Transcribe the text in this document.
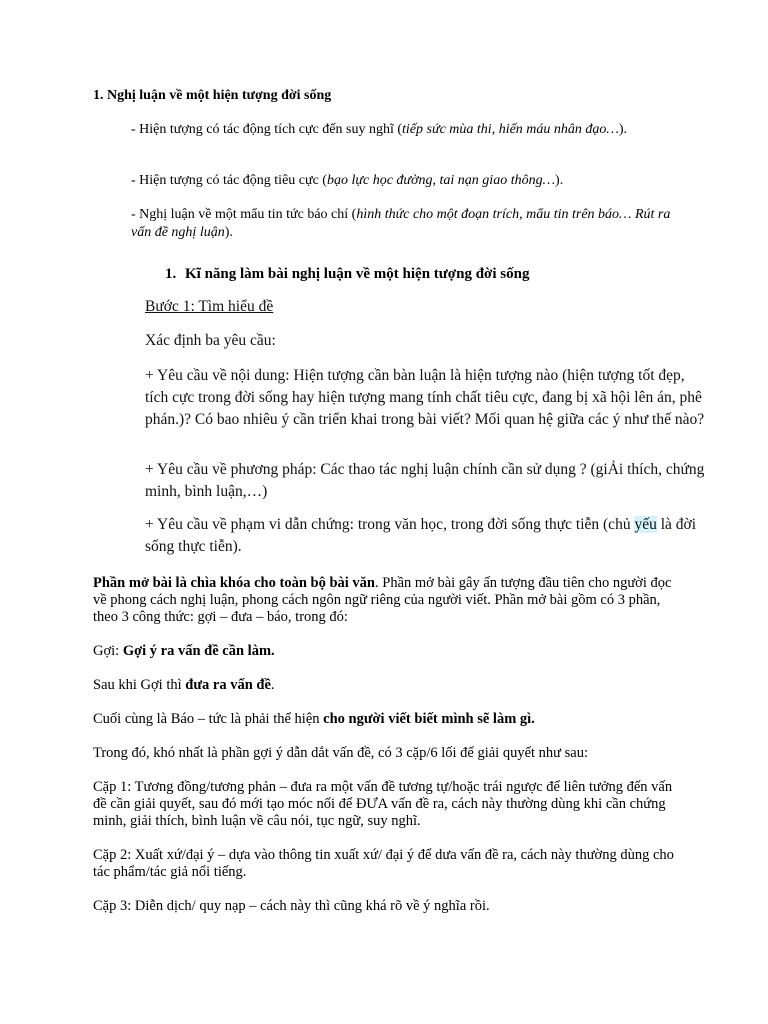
1. Nghị luận về một hiện tượng đời sống
- Hiện tượng có tác động tích cực đến suy nghĩ (tiếp sức mùa thi, hiến máu nhân đạo…).
- Hiện tượng có tác động tiêu cực (bạo lực học đường, tai nạn giao thông…).
- Nghị luận về một mẩu tin tức báo chí (hình thức cho một đoạn trích, mẩu tin trên báo… Rút ra vấn đề nghị luận).
1. Kĩ năng làm bài nghị luận về một hiện tượng đời sống
Bước 1: Tìm hiểu đề
Xác định ba yêu cầu:
+ Yêu cầu về nội dung: Hiện tượng cần bàn luận là hiện tượng nào (hiện tượng tốt đẹp, tích cực trong đời sống hay hiện tượng mang tính chất tiêu cực, đang bị xã hội lên án, phê phán.)? Có bao nhiêu ý cần triển khai trong bài viết? Mối quan hệ giữa các ý như thế nào?
+ Yêu cầu về phương pháp: Các thao tác nghị luận chính cần sử dụng ? (giẢi thích, chứng minh, bình luận,…)
+ Yêu cầu về phạm vi dẫn chứng: trong văn học, trong đời sống thực tiễn (chủ yếu là đời sống thực tiễn).
Phần mở bài là chìa khóa cho toàn bộ bài văn. Phần mở bài gây ấn tượng đầu tiên cho người đọc về phong cách nghị luận, phong cách ngôn ngữ riêng của người viết. Phần mở bài gồm có 3 phần, theo 3 công thức: gợi – đưa – báo, trong đó:
Gợi: Gợi ý ra vấn đề cần làm.
Sau khi Gợi thì đưa ra vấn đề.
Cuối cùng là Báo – tức là phải thể hiện cho người viết biết mình sẽ làm gì.
Trong đó, khó nhất là phần gợi ý dẫn dắt vấn đề, có 3 cặp/6 lối để giải quyết như sau:
Cặp 1: Tương đồng/tương phản – đưa ra một vấn đề tương tự/hoặc trái ngược để liên tưởng đến vấn đề cần giải quyết, sau đó mới tạo móc nối để ĐƯA vấn đề ra, cách này thường dùng khi cần chứng minh, giải thích, bình luận về câu nói, tục ngữ, suy nghĩ.
Cặp 2: Xuất xứ/đại ý – dựa vào thông tin xuất xứ/ đại ý để dưa vấn đề ra, cách này thường dùng cho tác phẩm/tác giả nổi tiếng.
Cặp 3: Diễn dịch/ quy nạp – cách này thì cũng khá rõ về ý nghĩa rồi.
